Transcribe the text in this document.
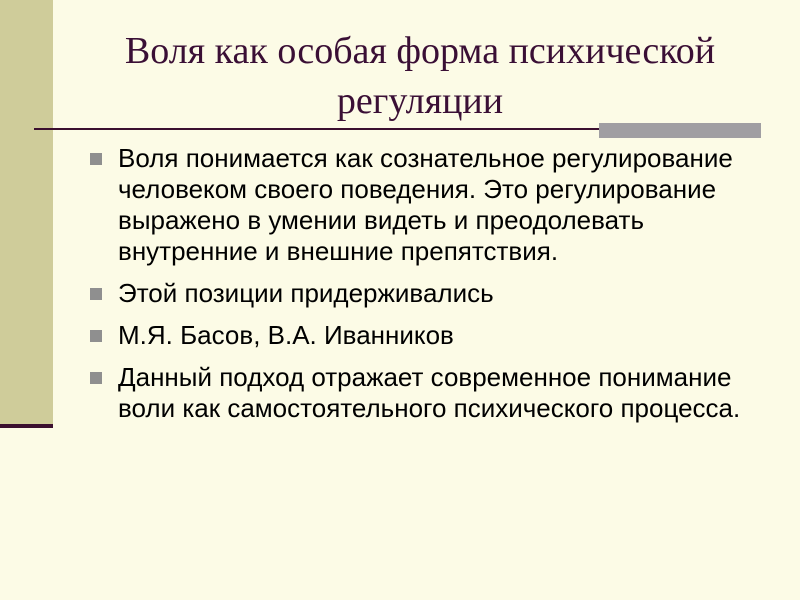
Воля как особая форма психической регуляции
Воля понимается как сознательное регулирование человеком своего поведения. Это регулирование выражено в умении видеть и преодолевать внутренние и внешние препятствия.
Этой позиции придерживались
М.Я. Басов, В.А. Иванников
Данный подход отражает современное понимание воли как самостоятельного психического процесса.
